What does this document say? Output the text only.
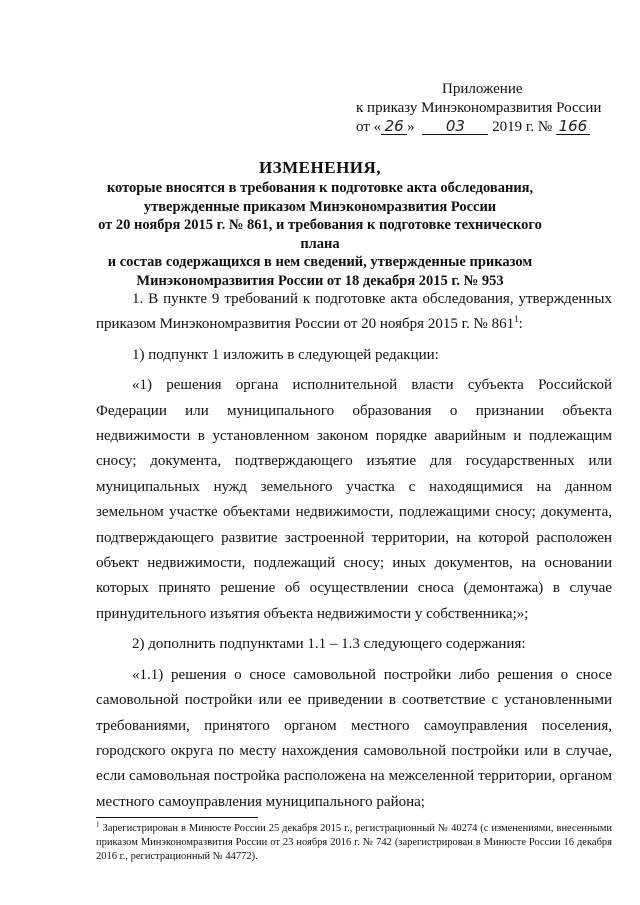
Приложение
к приказу Минэкономразвития России
от « 26 » 03 2019 г. № 166
ИЗМЕНЕНИЯ,
которые вносятся в требования к подготовке акта обследования,
утвержденные приказом Минэкономразвития России
от 20 ноября 2015 г. № 861, и требования к подготовке технического плана
и состав содержащихся в нем сведений, утвержденные приказом
Минэкономразвития России от 18 декабря 2015 г. № 953

1. В пункте 9 требований к подготовке акта обследования, утвержденных приказом Минэкономразвития России от 20 ноября 2015 г. № $861^1$:

1) подпункт 1 изложить в следующей редакции:

«1) решения органа исполнительной власти субъекта Российской Федерации или муниципального образования о признании объекта недвижимости в установленном законом порядке аварийным и подлежащим сносу; документа, подтверждающего изъятие для государственных или муниципальных нужд земельного участка с находящимися на данном земельном участке объектами недвижимости, подлежащими сносу; документа, подтверждающего развитие застроенной территории, на которой расположен объект недвижимости, подлежащий сносу; иных документов, на основании которых принято решение об осуществлении сноса (демонтажа) в случае принудительного изъятия объекта недвижимости у собственника;»;

2) дополнить подпунктами 1.1 – 1.3 следующего содержания:

«1.1) решения о сносе самовольной постройки либо решения о сносе самовольной постройки или ее приведении в соответствие с установленными требованиями, принятого органом местного самоуправления поселения, городского округа по месту нахождения самовольной постройки или в случае, если самовольная постройка расположена на межселенной территории, органом местного самоуправления муниципального района;

$^1$ Зарегистрирован в Минюсте России 25 декабря 2015 г., регистрационный № 40274 (с изменениями, внесенными приказом Минэкономразвития России от 23 ноября 2016 г. № 742 (зарегистрирован в Минюсте России 16 декабря 2016 г., регистрационный № 44772).
